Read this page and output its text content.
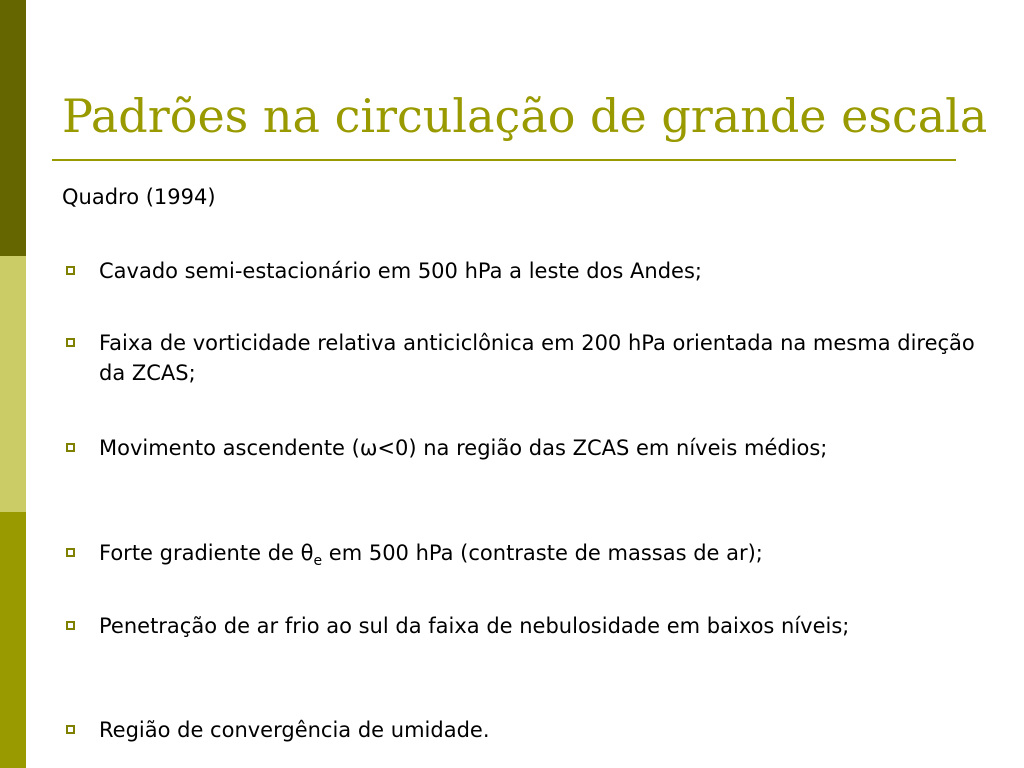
Padrões na circulação de grande escala
Quadro (1994)
Cavado semi-estacionário em 500 hPa a leste dos Andes;
Faixa de vorticidade relativa anticiclônica em 200 hPa orientada na mesma direção da ZCAS;
Movimento ascendente (ω<0) na região das ZCAS em níveis médios;
Forte gradiente de $\theta_e$ em 500 hPa (contraste de massas de ar);
Penetração de ar frio ao sul da faixa de nebulosidade em baixos níveis;
Região de convergência de umidade.
